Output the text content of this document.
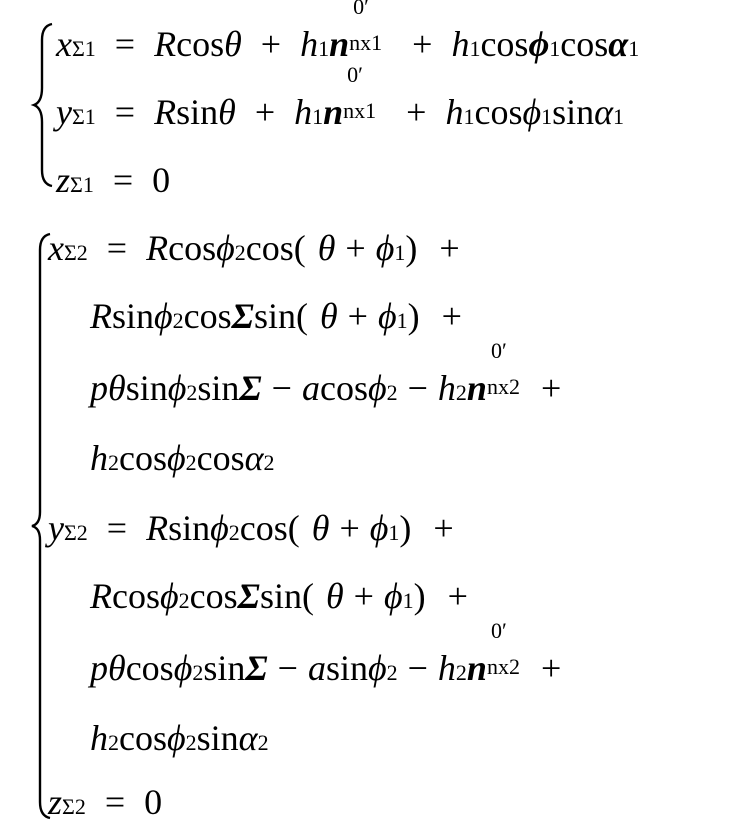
xΣ1 = Rcosθ + h1n
0′
nx1 + h1cosϕ1cosα1
yΣ1 = Rsinθ + h1n
0′
nx1 + h1cosϕ1sinα1
zΣ1 = 0
xΣ2 = Rcosϕ2cos( θ + ϕ1) +
Rsinϕ2cosΣsin( θ + ϕ1) +
pθsinϕ2sinΣ − acosϕ2 − h2n
0′
nx2 +
h2cosϕ2cosα2
yΣ2 = Rsinϕ2cos( θ + ϕ1) +
Rcosϕ2cosΣsin( θ + ϕ1) +
pθcosϕ2sinΣ − asinϕ2 − h2n
0′
nx2 +
h2cosϕ2sinα2
zΣ2 = 0
